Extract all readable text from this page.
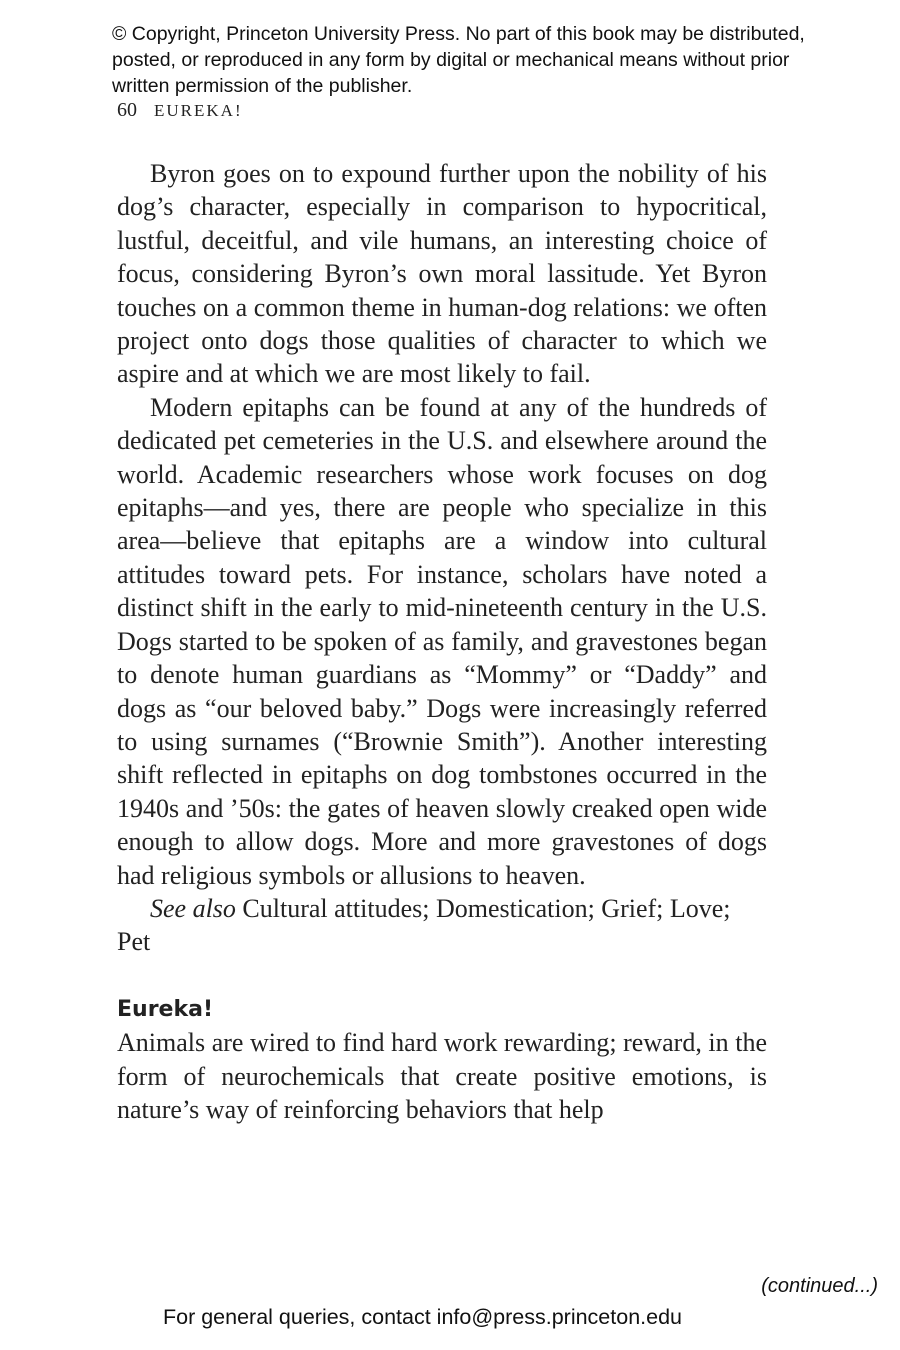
© Copyright, Princeton University Press. No part of this book may be distributed, posted, or reproduced in any form by digital or mechanical means without prior written permission of the publisher.
60 EUREKA!

Byron goes on to expound further upon the nobility of his dog’s character, especially in comparison to hypocritical, lustful, deceitful, and vile humans, an interesting choice of focus, considering Byron’s own moral lassitude. Yet Byron touches on a common theme in human-dog relations: we often project onto dogs those qualities of character to which we aspire and at which we are most likely to fail.

Modern epitaphs can be found at any of the hundreds of dedicated pet cemeteries in the U.S. and elsewhere around the world. Academic researchers whose work focuses on dog epitaphs—and yes, there are people who specialize in this area—believe that epitaphs are a window into cultural attitudes toward pets. For instance, scholars have noted a distinct shift in the early to mid-nineteenth century in the U.S. Dogs started to be spoken of as family, and gravestones began to denote human guardians as “Mommy” or “Daddy” and dogs as “our beloved baby.” Dogs were increasingly referred to using surnames (“Brownie Smith”). Another interesting shift reflected in epitaphs on dog tombstones occurred in the 1940s and ’50s: the gates of heaven slowly creaked open wide enough to allow dogs. More and more gravestones of dogs had religious symbols or allusions to heaven.

See also Cultural attitudes; Domestication; Grief; Love; Pet

Eureka!

Animals are wired to find hard work rewarding; reward, in the form of neurochemicals that create positive emotions, is nature’s way of reinforcing behaviors that help

(continued...)
For general queries, contact info@press.princeton.edu
